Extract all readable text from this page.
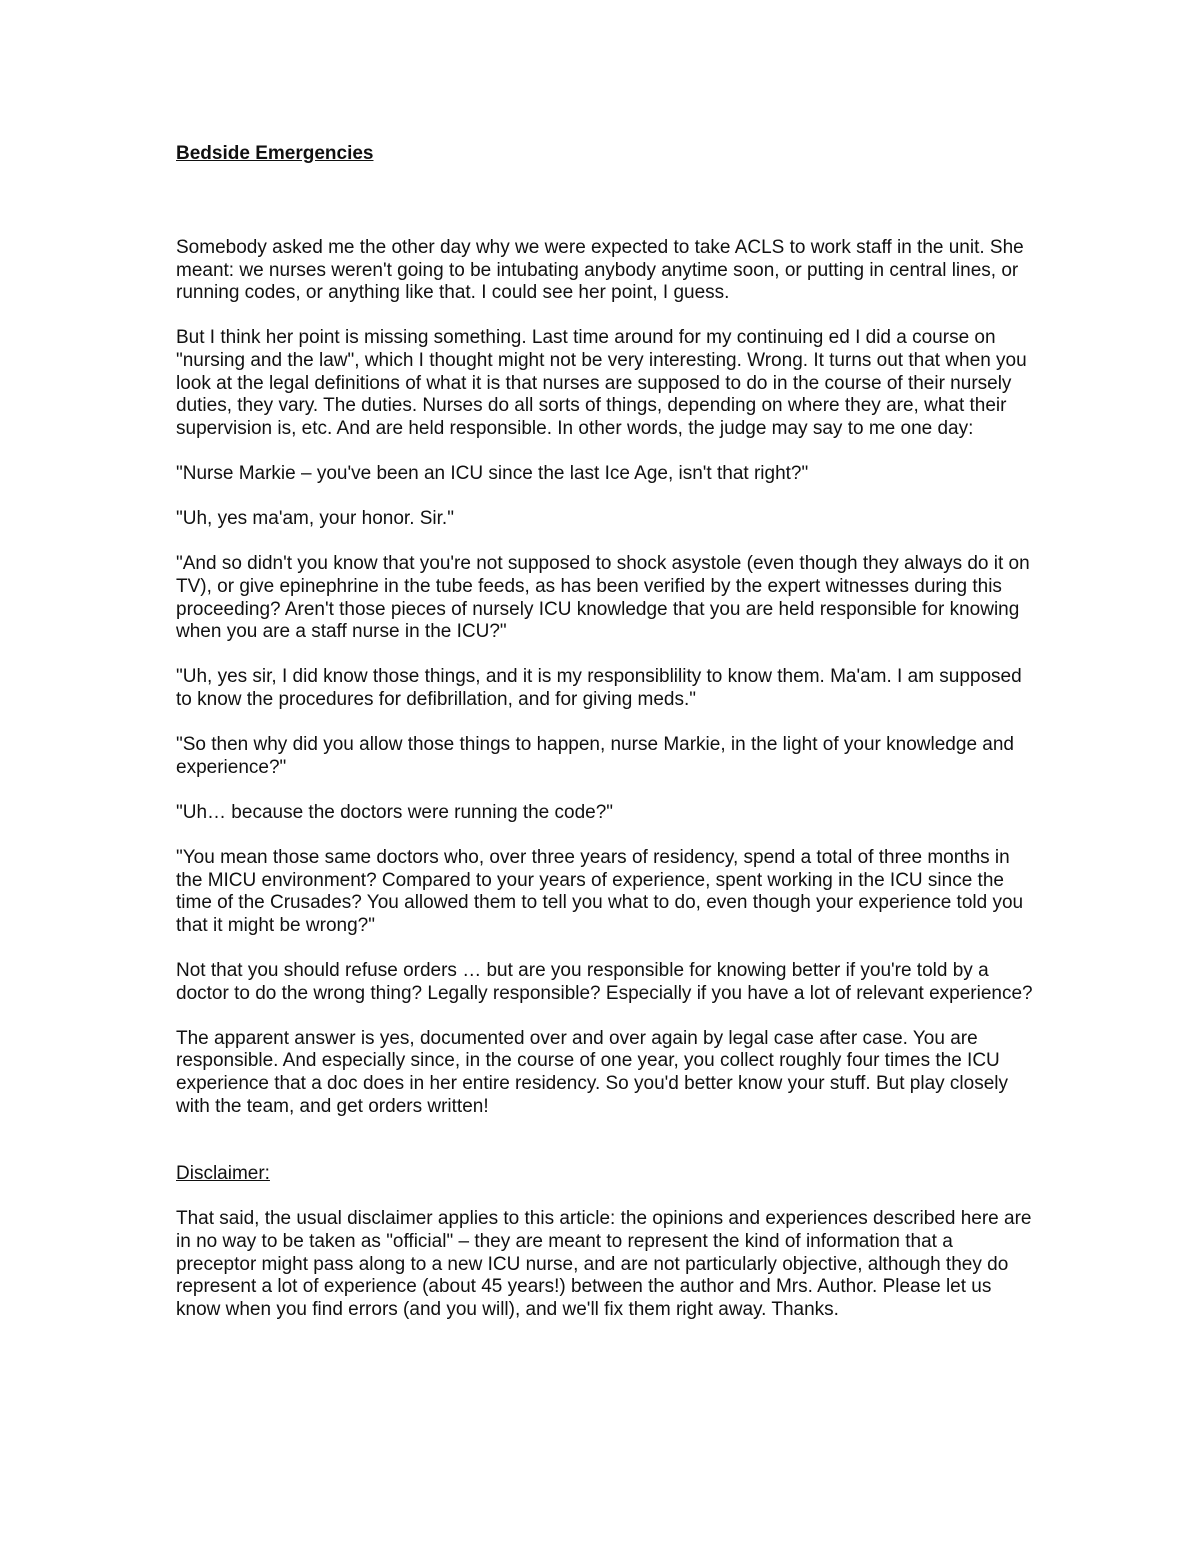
Bedside Emergencies

Somebody asked me the other day why we were expected to take ACLS to work staff in the unit. She meant: we nurses weren't going to be intubating anybody anytime soon, or putting in central lines, or running codes, or anything like that. I could see her point, I guess.

But I think her point is missing something. Last time around for my continuing ed I did a course on "nursing and the law", which I thought might not be very interesting. Wrong. It turns out that when you look at the legal definitions of what it is that nurses are supposed to do in the course of their nursely duties, they vary. The duties. Nurses do all sorts of things, depending on where they are, what their supervision is, etc. And are held responsible. In other words, the judge may say to me one day:

"Nurse Markie – you've been an ICU since the last Ice Age, isn't that right?"

"Uh, yes ma'am, your honor. Sir."

"And so didn't you know that you're not supposed to shock asystole (even though they always do it on TV), or give epinephrine in the tube feeds, as has been verified by the expert witnesses during this proceeding? Aren't those pieces of nursely ICU knowledge that you are held responsible for knowing when you are a staff nurse in the ICU?"

"Uh, yes sir, I did know those things, and it is my responsiblility to know them. Ma'am. I am supposed to know the procedures for defibrillation, and for giving meds."

"So then why did you allow those things to happen, nurse Markie, in the light of your knowledge and experience?"

"Uh… because the doctors were running the code?"

"You mean those same doctors who, over three years of residency, spend a total of three months in the MICU environment? Compared to your years of experience, spent working in the ICU since the time of the Crusades? You allowed them to tell you what to do, even though your experience told you that it might be wrong?"

Not that you should refuse orders … but are you responsible for knowing better if you're told by a doctor to do the wrong thing? Legally responsible? Especially if you have a lot of relevant experience?

The apparent answer is yes, documented over and over again by legal case after case. You are responsible. And especially since, in the course of one year, you collect roughly four times the ICU experience that a doc does in her entire residency. So you'd better know your stuff. But play closely with the team, and get orders written!

Disclaimer:

That said, the usual disclaimer applies to this article: the opinions and experiences described here are in no way to be taken as "official" – they are meant to represent the kind of information that a preceptor might pass along to a new ICU nurse, and are not particularly objective, although they do represent a lot of experience (about 45 years!) between the author and Mrs. Author. Please let us know when you find errors (and you will), and we'll fix them right away. Thanks.
